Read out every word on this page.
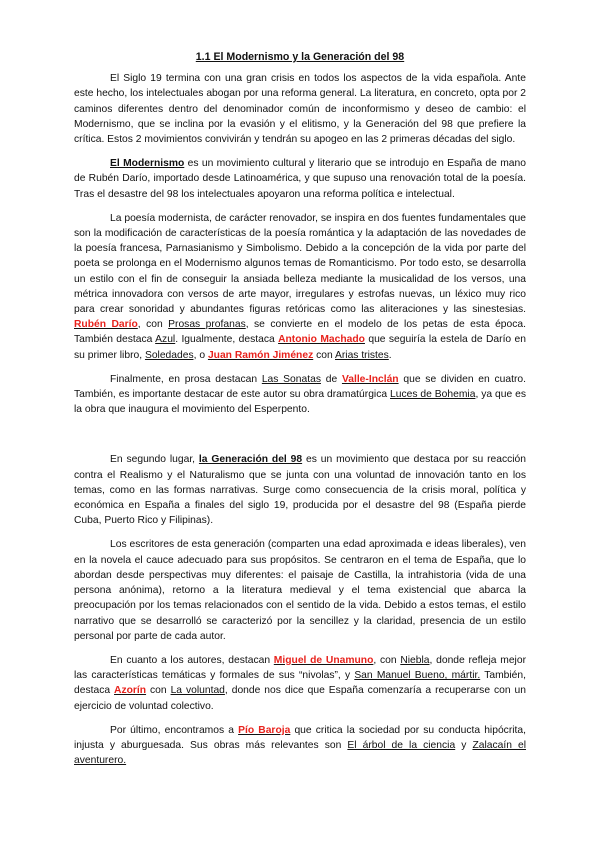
1.1 El Modernismo y la Generación del 98

El Siglo 19 termina con una gran crisis en todos los aspectos de la vida española. Ante este hecho, los intelectuales abogan por una reforma general. La literatura, en concreto, opta por 2 caminos diferentes dentro del denominador común de inconformismo y deseo de cambio: el Modernismo, que se inclina por la evasión y el elitismo, y la Generación del 98 que prefiere la crítica. Estos 2 movimientos convivirán y tendrán su apogeo en las 2 primeras décadas del siglo.

El Modernismo es un movimiento cultural y literario que se introdujo en España de mano de Rubén Darío, importado desde Latinoamérica, y que supuso una renovación total de la poesía. Tras el desastre del 98 los intelectuales apoyaron una reforma política e intelectual.

La poesía modernista, de carácter renovador, se inspira en dos fuentes fundamentales que son la modificación de características de la poesía romántica y la adaptación de las novedades de la poesía francesa, Parnasianismo y Simbolismo. Debido a la concepción de la vida por parte del poeta se prolonga en el Modernismo algunos temas de Romanticismo. Por todo esto, se desarrolla un estilo con el fin de conseguir la ansiada belleza mediante la musicalidad de los versos, una métrica innovadora con versos de arte mayor, irregulares y estrofas nuevas, un léxico muy rico para crear sonoridad y abundantes figuras retóricas como las aliteraciones y las sinestesias. Rubén Darío, con Prosas profanas, se convierte en el modelo de los petas de esta época. También destaca Azul. Igualmente, destaca Antonio Machado que seguiría la estela de Darío en su primer libro, Soledades, o Juan Ramón Jiménez con Arias tristes.

Finalmente, en prosa destacan Las Sonatas de Valle-Inclán que se dividen en cuatro. También, es importante destacar de este autor su obra dramatúrgica Luces de Bohemia, ya que es la obra que inaugura el movimiento del Esperpento.

En segundo lugar, la Generación del 98 es un movimiento que destaca por su reacción contra el Realismo y el Naturalismo que se junta con una voluntad de innovación tanto en los temas, como en las formas narrativas. Surge como consecuencia de la crisis moral, política y económica en España a finales del siglo 19, producida por el desastre del 98 (España pierde Cuba, Puerto Rico y Filipinas).

Los escritores de esta generación (comparten una edad aproximada e ideas liberales), ven en la novela el cauce adecuado para sus propósitos. Se centraron en el tema de España, que lo abordan desde perspectivas muy diferentes: el paisaje de Castilla, la intrahistoria (vida de una persona anónima), retorno a la literatura medieval y el tema existencial que abarca la preocupación por los temas relacionados con el sentido de la vida. Debido a estos temas, el estilo narrativo que se desarrolló se caracterizó por la sencillez y la claridad, presencia de un estilo personal por parte de cada autor.

En cuanto a los autores, destacan Miguel de Unamuno, con Niebla, donde refleja mejor las características temáticas y formales de sus “nivolas”, y San Manuel Bueno, mártir. También, destaca Azorín con La voluntad, donde nos dice que España comenzaría a recuperarse con un ejercicio de voluntad colectivo.

Por último, encontramos a Pío Baroja que critica la sociedad por su conducta hipócrita, injusta y aburguesada. Sus obras más relevantes son El árbol de la ciencia y Zalacaín el aventurero.
